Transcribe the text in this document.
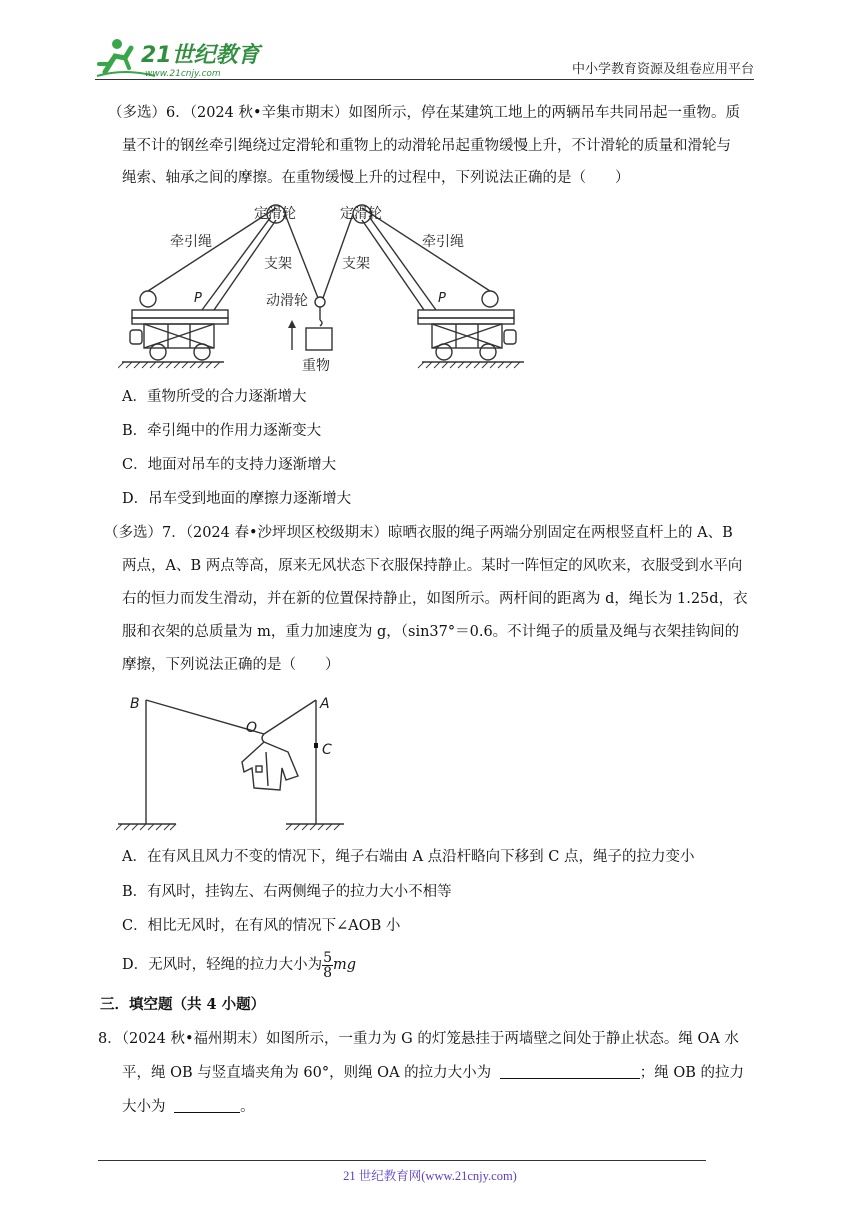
21世纪教育
www.21cnjy.com	中小学教育资源及组卷应用平台
（多选）6．（2024 秋•辛集市期末）如图所示，停在某建筑工地上的两辆吊车共同吊起一重物。质
量不计的钢丝牵引绳绕过定滑轮和重物上的动滑轮吊起重物缓慢上升，不计滑轮的质量和滑轮与
绳索、轴承之间的摩擦。在重物缓慢上升的过程中，下列说法正确的是（　　）
牵引绳
定滑轮
支架
P	动滑轮
重物
定滑轮
牵引绳
支架
P
A．重物所受的合力逐渐增大
B．牵引绳中的作用力逐渐变大
C．地面对吊车的支持力逐渐增大
D．吊车受到地面的摩擦力逐渐增大
（多选）7．（2024 春•沙坪坝区校级期末）晾晒衣服的绳子两端分别固定在两根竖直杆上的 A、B
两点，A、B 两点等高，原来无风状态下衣服保持静止。某时一阵恒定的风吹来，衣服受到水平向
右的恒力而发生滑动，并在新的位置保持静止，如图所示。两杆间的距离为 d，绳长为 1.25d，衣
服和衣架的总质量为 m，重力加速度为 g，（sin37°＝0.6。不计绳子的质量及绳与衣架挂钩间的
摩擦，下列说法正确的是（　　）
B	A
O
C
A．在有风且风力不变的情况下，绳子右端由 A 点沿杆略向下移到 C 点，绳子的拉力变小
B．有风时，挂钩左、右两侧绳子的拉力大小不相等
C．相比无风时，在有风的情况下∠AOB 小
D．无风时，轻绳的拉力大小为 $\frac{5}{8}$ mg
三．填空题（共 4 小题）
8．（2024 秋•福州期末）如图所示，一重力为 G 的灯笼悬挂于两墙壁之间处于静止状态。绳 OA 水
平，绳 OB 与竖直墙夹角为 60°，则绳 OA 的拉力大小为	；绳 OB 的拉力
大小为	。
21 世纪教育网(www.21cnjy.com)
